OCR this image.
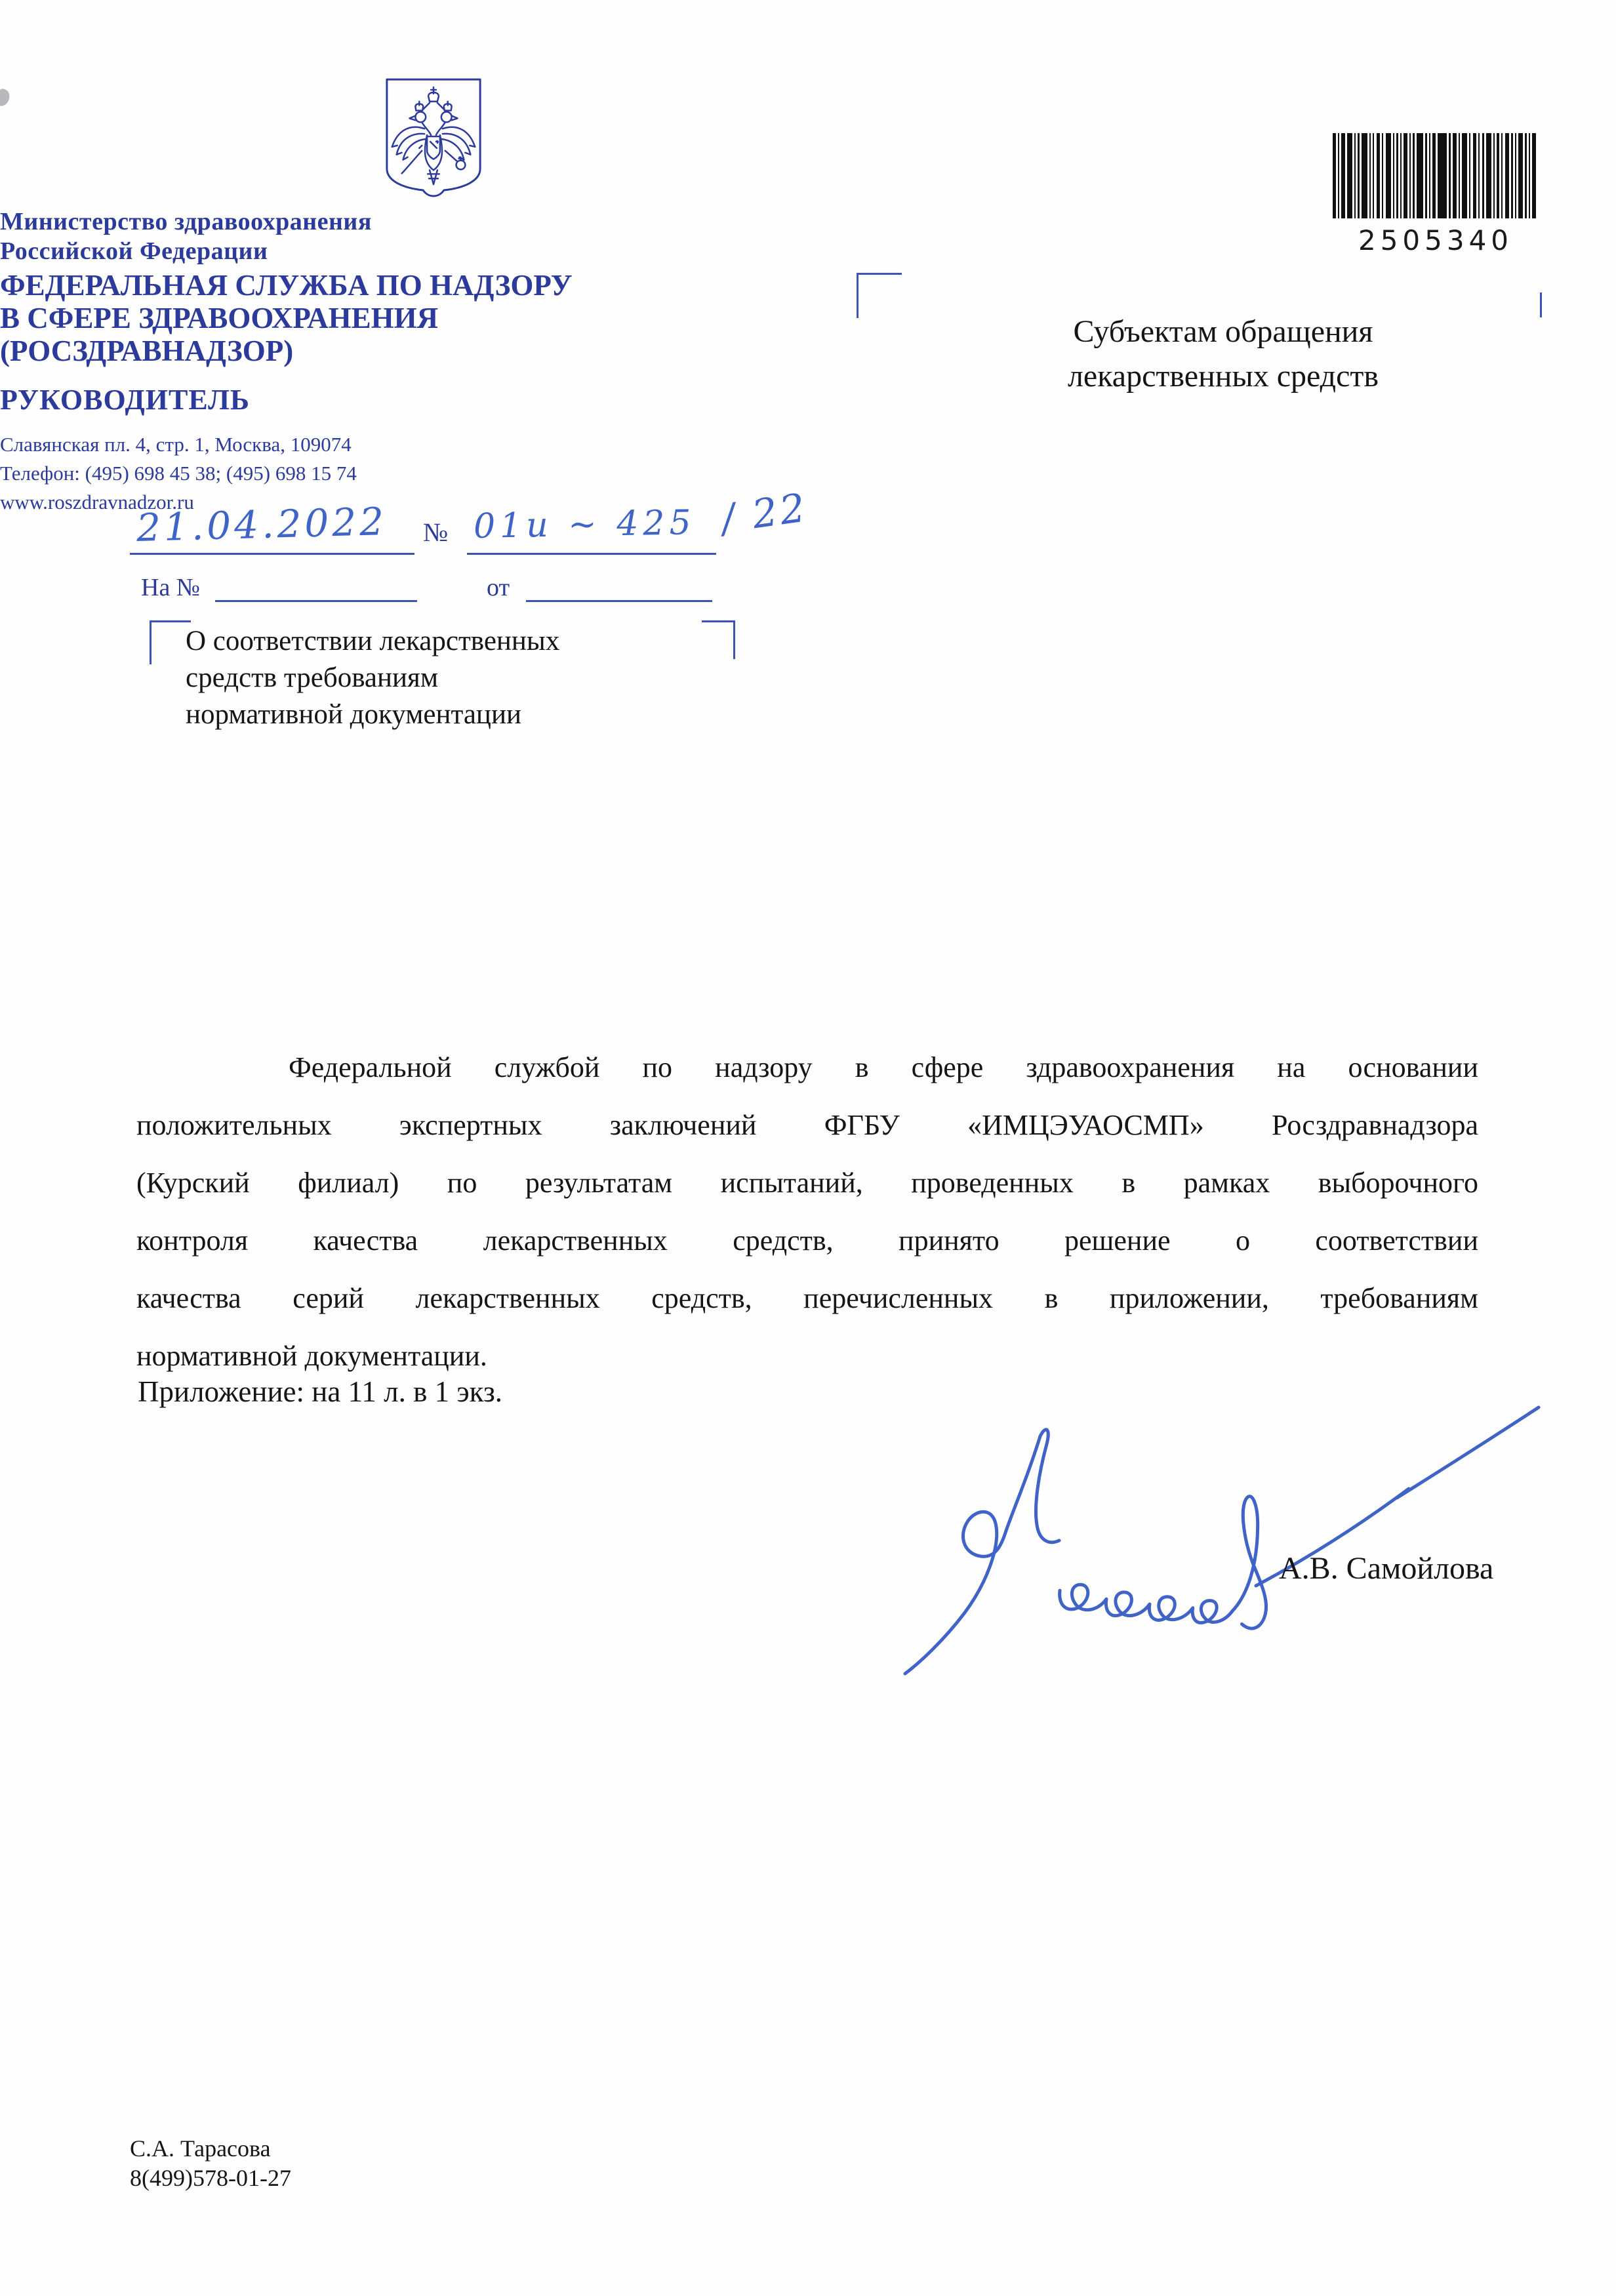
Министерство здравоохранения
Российской Федерации
ФЕДЕРАЛЬНАЯ СЛУЖБА ПО НАДЗОРУ
В СФЕРЕ ЗДРАВООХРАНЕНИЯ
(РОСЗДРАВНАДЗОР)
РУКОВОДИТЕЛЬ
Славянская пл. 4, стр. 1, Москва, 109074
Телефон: (495) 698 45 38; (495) 698 15 74
www.roszdravnadzor.ru
21.04.2022 № 01и ~ 425 / 22
На №	от
О соответствии лекарственных
средств требованиям
нормативной документации
2505340
Субъектам обращения
лекарственных средств
Федеральной службой по надзору в сфере здравоохранения на основании
положительных экспертных заключений ФГБУ «ИМЦЭУАОСМП» Росздравнадзора
(Курский филиал) по результатам испытаний, проведенных в рамках выборочного
контроля качества лекарственных средств, принято решение о соответствии
качества серий лекарственных средств, перечисленных в приложении, требованиям
нормативной документации.
Приложение: на 11 л. в 1 экз.
А.В. Самойлова
С.А. Тарасова
8(499)578-01-27
